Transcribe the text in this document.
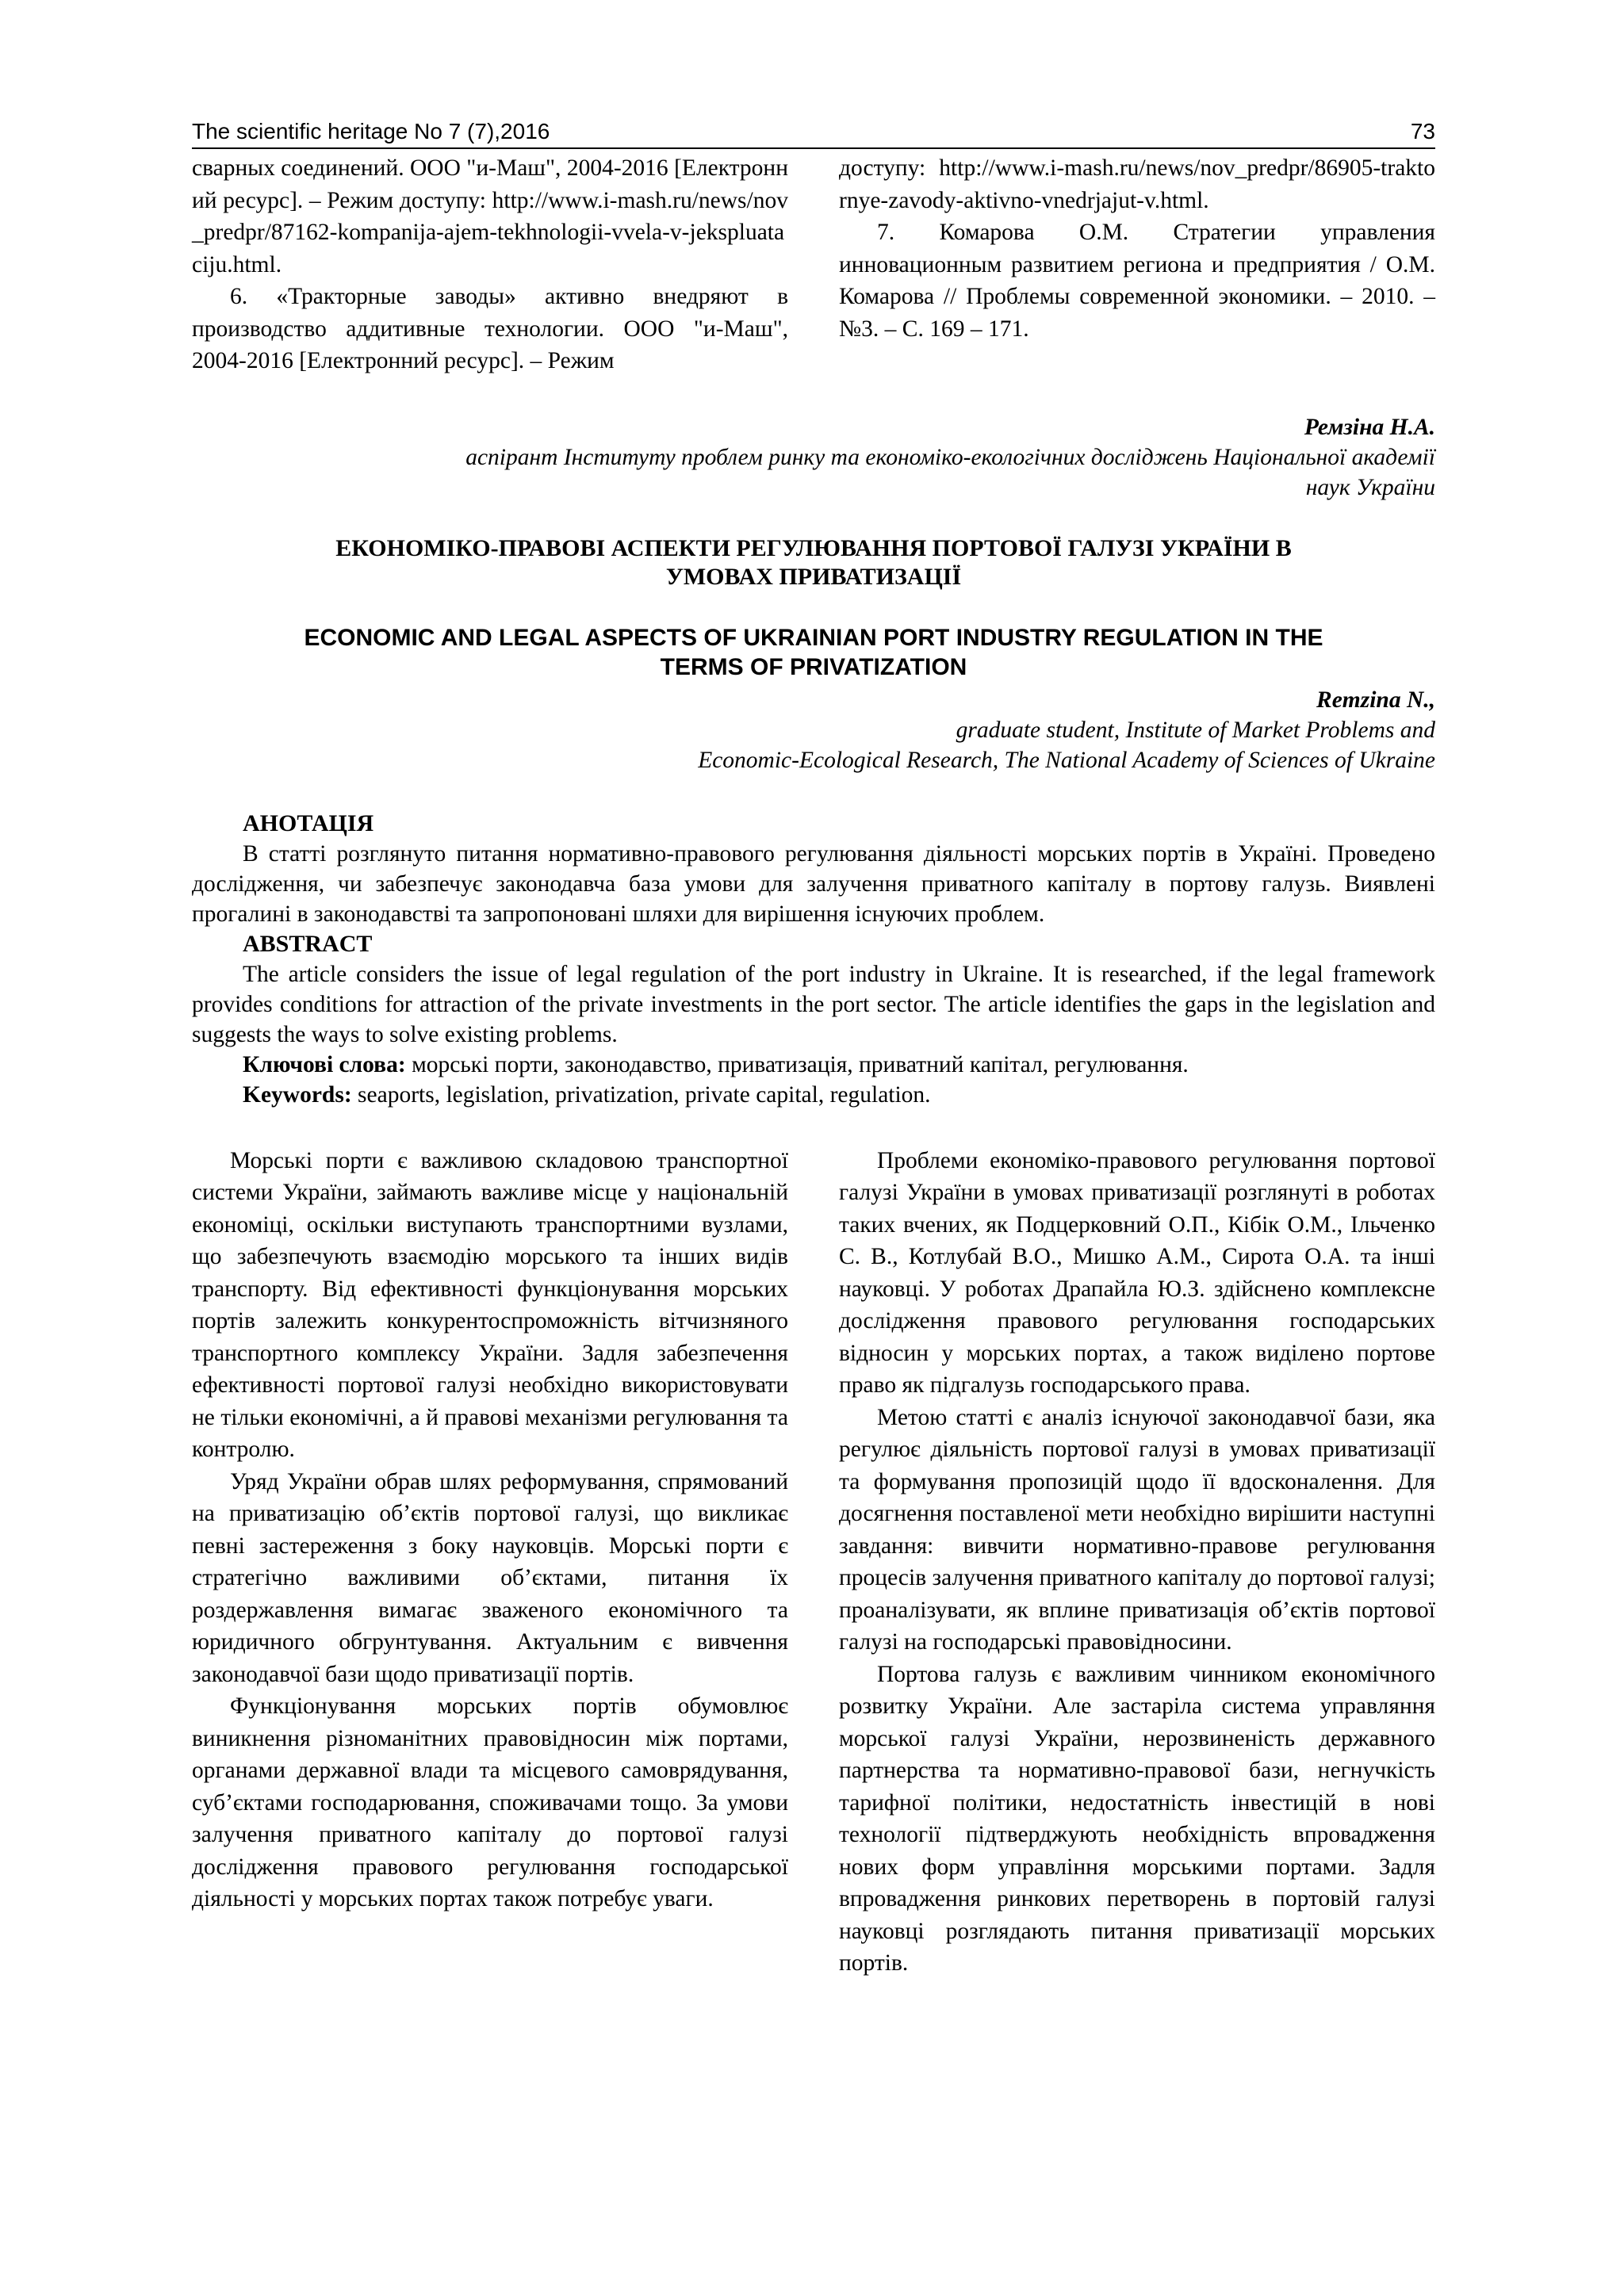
The scientific heritage No 7 (7),2016	73

сварных соединений. ООО "и-Маш", 2004-2016 [Електронний ресурс]. – Режим доступу: http://www.i-mash.ru/news/nov_predpr/87162-kompanija-ajem-tekhnologii-vvela-v-jekspluataciju.html.

6. «Тракторные заводы» активно внедряют в производство аддитивные технологии. ООО "и-Маш", 2004-2016 [Електронний ресурс]. – Режим

доступу: http://www.i-mash.ru/news/nov_predpr/86905-traktornye-zavody-aktivno-vnedrjajut-v.html.

7. Комарова О.М. Стратегии управления инновационным развитием региона и предприятия / О.М. Комарова // Проблемы современной экономики. – 2010. – №3. – С. 169 – 171.

Ремзіна Н.А.
аспірант Інституту проблем ринку та економіко-екологічних досліджень Національної академії
наук України
ЕКОНОМІКО-ПРАВОВІ АСПЕКТИ РЕГУЛЮВАННЯ ПОРТОВОЇ ГАЛУЗІ УКРАЇНИ В
УМОВАХ ПРИВАТИЗАЦІЇ
ECONOMIC AND LEGAL ASPECTS OF UKRAINIAN PORT INDUSTRY REGULATION IN THE
TERMS OF PRIVATIZATION
Remzina N.,
graduate student, Institute of Market Problems and
Economic-Ecological Research, The National Academy of Sciences of Ukraine

АНОТАЦІЯ

В статті розглянуто питання нормативно-правового регулювання діяльності морських портів в Україні. Проведено дослідження, чи забезпечує законодавча база умови для залучення приватного капіталу в портову галузь. Виявлені прогалині в законодавстві та запропоновані шляхи для вирішення існуючих проблем.

ABSTRACT

The article considers the issue of legal regulation of the port industry in Ukraine. It is researched, if the legal framework provides conditions for attraction of the private investments in the port sector. The article identifies the gaps in the legislation and suggests the ways to solve existing problems.

Ключові слова: морські порти, законодавство, приватизація, приватний капітал, регулювання.

Keywords: seaports, legislation, privatization, private capital, regulation.

Морські порти є важливою складовою транспортної системи України, займають важливе місце у національній економіці, оскільки виступають транспортними вузлами, що забезпечують взаємодію морського та інших видів транспорту. Від ефективності функціонування морських портів залежить конкурентоспроможність вітчизняного транспортного комплексу України. Задля забезпечення ефективності портової галузі необхідно використовувати не тільки економічні, а й правові механізми регулювання та контролю.

Уряд України обрав шлях реформування, спрямований на приватизацію об’єктів портової галузі, що викликає певні застереження з боку науковців. Морські порти є стратегічно важливими об’єктами, питання їх роздержавлення вимагає зваженого економічного та юридичного обгрунтування. Актуальним є вивчення законодавчої бази щодо приватизації портів.

Функціонування морських портів обумовлює виникнення різноманітних правовідносин між портами, органами державної влади та місцевого самоврядування, суб’єктами господарювання, споживачами тощо. За умови залучення приватного капіталу до портової галузі дослідження правового регулювання господарської діяльності у морських портах також потребує уваги.

Проблеми економіко-правового регулювання портової галузі України в умовах приватизації розглянуті в роботах таких вчених, як Подцерковний О.П., Кібік О.М., Ільченко С. В., Котлубай В.О., Мишко А.М., Сирота О.А. та інші науковці. У роботах Драпайла Ю.З. здійснено комплексне дослідження правового регулювання господарських відносин у морських портах, а також виділено портове право як підгалузь господарського права.

Метою статті є аналіз існуючої законодавчої бази, яка регулює діяльність портової галузі в умовах приватизації та формування пропозицій щодо її вдосконалення. Для досягнення поставленої мети необхідно вирішити наступні завдання: вивчити нормативно-правове регулювання процесів залучення приватного капіталу до портової галузі; проаналізувати, як вплине приватизація об’єктів портової галузі на господарські правовідносини.

Портова галузь є важливим чинником економічного розвитку України. Але застаріла система управляння морської галузі України, нерозвиненість державного партнерства та нормативно-правової бази, негнучкість тарифної політики, недостатність інвестицій в нові технології підтверджують необхідність впровадження нових форм управління морськими портами. Задля впровадження ринкових перетворень в портовій галузі науковці розглядають питання приватизації морських портів.
